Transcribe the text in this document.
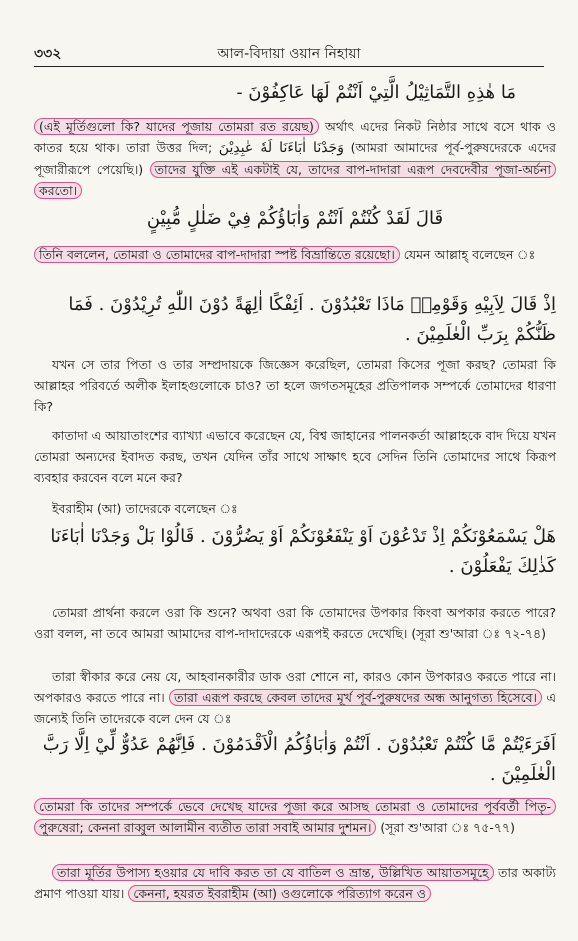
৩৩২	আল-বিদায়া ওয়ান নিহায়া

مَا هٰذِهِ التَّمَاثِيْلُ الَّتِيْ اَنْتُمْ لَهَا عَاكِفُوْنَ -

(এই মূর্তিগুলো কি? যাদের পূজায় তোমরা রত রয়েছ) অর্থাৎ এদের নিকট নিষ্ঠার সাথে বসে থাক ও কাতর হয়ে থাক। তারা উত্তর দিল; وَجَدْنَا اٰبَاءَنَا لَهٗ عٰبِدِيْنَ (আমরা আমাদের পূর্ব-পুরুষদেরকে এদের পূজারীরূপে পেয়েছি।) তাদের যুক্তি এই একটাই যে, তাদের বাপ-দাদারা এরূপ দেবদেবীর পূজা-অর্চনা করতো।

قَالَ لَقَدْ كُنْتُمْ اَنْتُمْ وَاٰبَاؤُكُمْ فِيْ ضَلٰلٍ مُّبِيْنٍ

তিনি বললেন, তোমরা ও তোমাদের বাপ-দাদারা স্পষ্ট বিভ্রান্তিতে রয়েছো। যেমন আল্লাহ্ বলেছেন ঃ

اِذْ قَالَ لِاَبِيْهِ وَقَوْمِهٖ مَاذَا تَعْبُدُوْنَ . اَئِفْكًا اٰلِهَةً دُوْنَ اللّٰهِ تُرِيْدُوْنَ . فَمَا ظَنُّكُمْ بِرَبِّ الْعٰلَمِيْنَ .

যখন সে তার পিতা ও তার সম্প্রদায়কে জিজ্ঞেস করেছিল, তোমরা কিসের পূজা করছ? তোমরা কি আল্লাহর পরিবর্তে অলীক ইলাহগুলোকে চাও? তা হলে জগতসমূহের প্রতিপালক সম্পর্কে তোমাদের ধারণা কি?

কাতাদা এ আয়াতাংশের ব্যাখ্যা এভাবে করেছেন যে, বিশ্ব জাহানের পালনকর্তা আল্লাহকে বাদ দিয়ে যখন তোমরা অন্যদের ইবাদত করছ, তখন যেদিন তাঁর সাথে সাক্ষাৎ হবে সেদিন তিনি তোমাদের সাথে কিরূপ ব্যবহার করবেন বলে মনে কর?

ইবরাহীম (আ) তাদেরকে বলেছেন ঃ

هَلْ يَسْمَعُوْنَكُمْ اِذْ تَدْعُوْنَ اَوْ يَنْفَعُوْنَكُمْ اَوْ يَضُرُّوْنَ . قَالُوْا بَلْ وَجَدْنَا اٰبَاءَنَا كَذٰلِكَ يَفْعَلُوْنَ .

তোমরা প্রার্থনা করলে ওরা কি শুনে? অথবা ওরা কি তোমাদের উপকার কিংবা অপকার করতে পারে? ওরা বলল, না তবে আমরা আমাদের বাপ-দাদাদেরকে এরূপই করতে দেখেছি। (সূরা শু'আরা ঃ ৭২-৭৪)

তারা স্বীকার করে নেয় যে, আহবানকারীর ডাক ওরা শোনে না, কারও কোন উপকারও করতে পারে না। অপকারও করতে পারে না। তারা এরূপ করছে কেবল তাদের মূর্খ পূর্ব-পুরুষদের অন্ধ আনুগত্য হিসেবে। এ জন্যেই তিনি তাদেরকে বলে দেন যে ঃ

اَفَرَءَيْتُمْ مَّا كُنْتُمْ تَعْبُدُوْنَ . اَنْتُمْ وَاٰبَاؤُكُمُ الْاَقْدَمُوْنَ . فَاِنَّهُمْ عَدُوٌّ لِّيْ اِلَّا رَبَّ الْعٰلَمِيْنَ .

তোমরা কি তাদের সম্পর্কে ভেবে দেখেছ যাদের পূজা করে আসছ তোমরা ও তোমাদের পূর্ববর্তী পিতৃ-পুরুষেরা; কেননা রাব্বুল আলামীন ব্যতীত তারা সবাই আমার দুশমন। (সূরা শু'আরা ঃ ৭৫-৭৭)

তারা মূর্তির উপাস্য হওয়ার যে দাবি করত তা যে বাতিল ও ভ্রান্ত, উল্লিখিত আয়াতসমূহে তার অকাট্য প্রমাণ পাওয়া যায়। কেননা, হযরত ইবরাহীম (আ) ওগুলোকে পরিত্যাগ করেন ও
